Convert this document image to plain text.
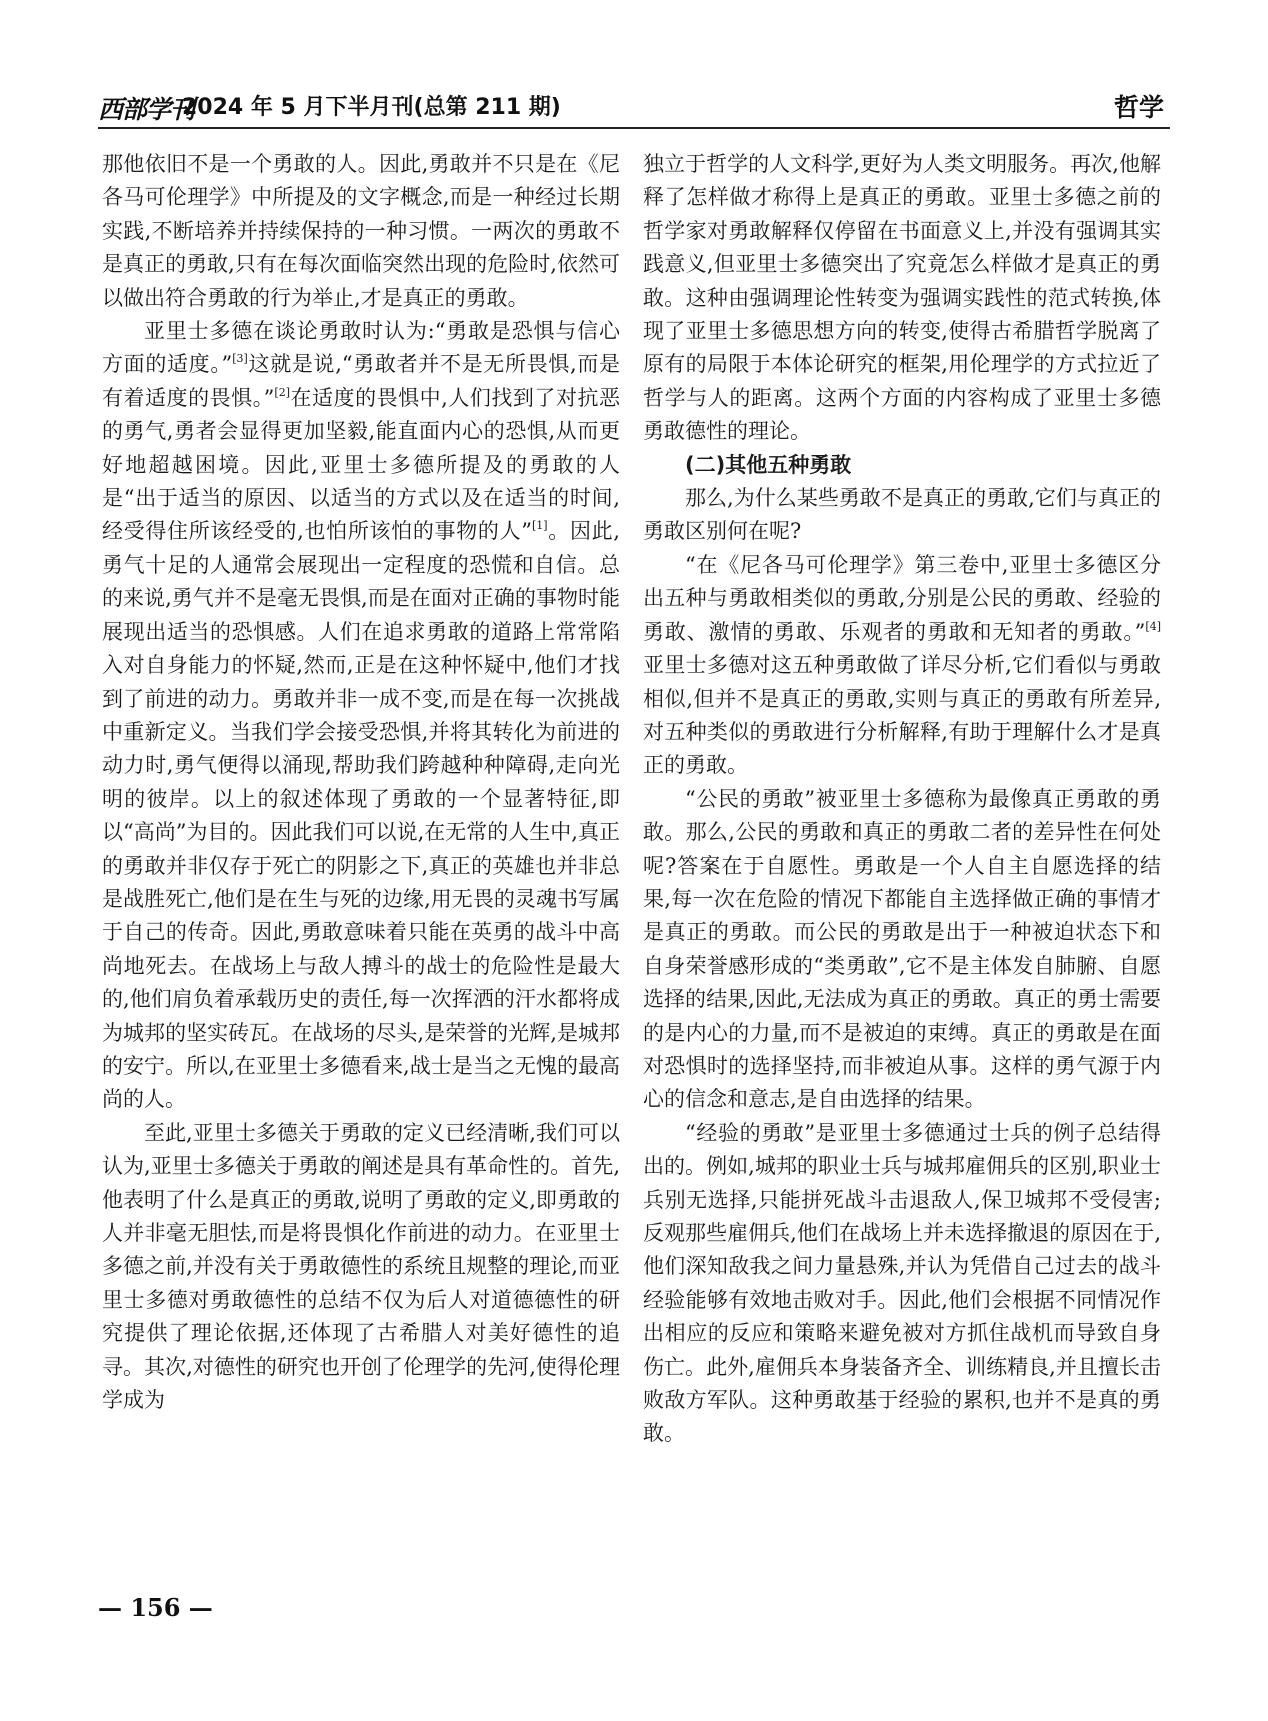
西部学刊
2024 年 5 月下半月刊(总第 211 期)	哲学

那他依旧不是一个勇敢的人。因此,勇敢并不只是在《尼各马可伦理学》中所提及的文字概念,而是一种经过长期实践,不断培养并持续保持的一种习惯。一两次的勇敢不是真正的勇敢,只有在每次面临突然出现的危险时,依然可以做出符合勇敢的行为举止,才是真正的勇敢。

亚里士多德在谈论勇敢时认为:“勇敢是恐惧与信心方面的适度。”[3]这就是说,“勇敢者并不是无所畏惧,而是有着适度的畏惧。”[2]在适度的畏惧中,人们找到了对抗恶的勇气,勇者会显得更加坚毅,能直面内心的恐惧,从而更好地超越困境。因此,亚里士多德所提及的勇敢的人是“出于适当的原因、以适当的方式以及在适当的时间,经受得住所该经受的,也怕所该怕的事物的人”[1]。因此,勇气十足的人通常会展现出一定程度的恐慌和自信。总的来说,勇气并不是毫无畏惧,而是在面对正确的事物时能展现出适当的恐惧感。人们在追求勇敢的道路上常常陷入对自身能力的怀疑,然而,正是在这种怀疑中,他们才找到了前进的动力。勇敢并非一成不变,而是在每一次挑战中重新定义。当我们学会接受恐惧,并将其转化为前进的动力时,勇气便得以涌现,帮助我们跨越种种障碍,走向光明的彼岸。以上的叙述体现了勇敢的一个显著特征,即以“高尚”为目的。因此我们可以说,在无常的人生中,真正的勇敢并非仅存于死亡的阴影之下,真正的英雄也并非总是战胜死亡,他们是在生与死的边缘,用无畏的灵魂书写属于自己的传奇。因此,勇敢意味着只能在英勇的战斗中高尚地死去。在战场上与敌人搏斗的战士的危险性是最大的,他们肩负着承载历史的责任,每一次挥洒的汗水都将成为城邦的坚实砖瓦。在战场的尽头,是荣誉的光辉,是城邦的安宁。所以,在亚里士多德看来,战士是当之无愧的最高尚的人。

至此,亚里士多德关于勇敢的定义已经清晰,我们可以认为,亚里士多德关于勇敢的阐述是具有革命性的。首先,他表明了什么是真正的勇敢,说明了勇敢的定义,即勇敢的人并非毫无胆怯,而是将畏惧化作前进的动力。在亚里士多德之前,并没有关于勇敢德性的系统且规整的理论,而亚里士多德对勇敢德性的总结不仅为后人对道德德性的研究提供了理论依据,还体现了古希腊人对美好德性的追寻。其次,对德性的研究也开创了伦理学的先河,使得伦理学成为

独立于哲学的人文科学,更好为人类文明服务。再次,他解释了怎样做才称得上是真正的勇敢。亚里士多德之前的哲学家对勇敢解释仅停留在书面意义上,并没有强调其实践意义,但亚里士多德突出了究竟怎么样做才是真正的勇敢。这种由强调理论性转变为强调实践性的范式转换,体现了亚里士多德思想方向的转变,使得古希腊哲学脱离了原有的局限于本体论研究的框架,用伦理学的方式拉近了哲学与人的距离。这两个方面的内容构成了亚里士多德勇敢德性的理论。

(二)其他五种勇敢

那么,为什么某些勇敢不是真正的勇敢,它们与真正的勇敢区别何在呢?

“在《尼各马可伦理学》第三卷中,亚里士多德区分出五种与勇敢相类似的勇敢,分别是公民的勇敢、经验的勇敢、激情的勇敢、乐观者的勇敢和无知者的勇敢。”[4]亚里士多德对这五种勇敢做了详尽分析,它们看似与勇敢相似,但并不是真正的勇敢,实则与真正的勇敢有所差异,对五种类似的勇敢进行分析解释,有助于理解什么才是真正的勇敢。

“公民的勇敢”被亚里士多德称为最像真正勇敢的勇敢。那么,公民的勇敢和真正的勇敢二者的差异性在何处呢?答案在于自愿性。勇敢是一个人自主自愿选择的结果,每一次在危险的情况下都能自主选择做正确的事情才是真正的勇敢。而公民的勇敢是出于一种被迫状态下和自身荣誉感形成的“类勇敢”,它不是主体发自肺腑、自愿选择的结果,因此,无法成为真正的勇敢。真正的勇士需要的是内心的力量,而不是被迫的束缚。真正的勇敢是在面对恐惧时的选择坚持,而非被迫从事。这样的勇气源于内心的信念和意志,是自由选择的结果。

“经验的勇敢”是亚里士多德通过士兵的例子总结得出的。例如,城邦的职业士兵与城邦雇佣兵的区别,职业士兵别无选择,只能拼死战斗击退敌人,保卫城邦不受侵害;反观那些雇佣兵,他们在战场上并未选择撤退的原因在于,他们深知敌我之间力量悬殊,并认为凭借自己过去的战斗经验能够有效地击败对手。因此,他们会根据不同情况作出相应的反应和策略来避免被对方抓住战机而导致自身伤亡。此外,雇佣兵本身装备齐全、训练精良,并且擅长击败敌方军队。这种勇敢基于经验的累积,也并不是真的勇敢。

— 156 —
